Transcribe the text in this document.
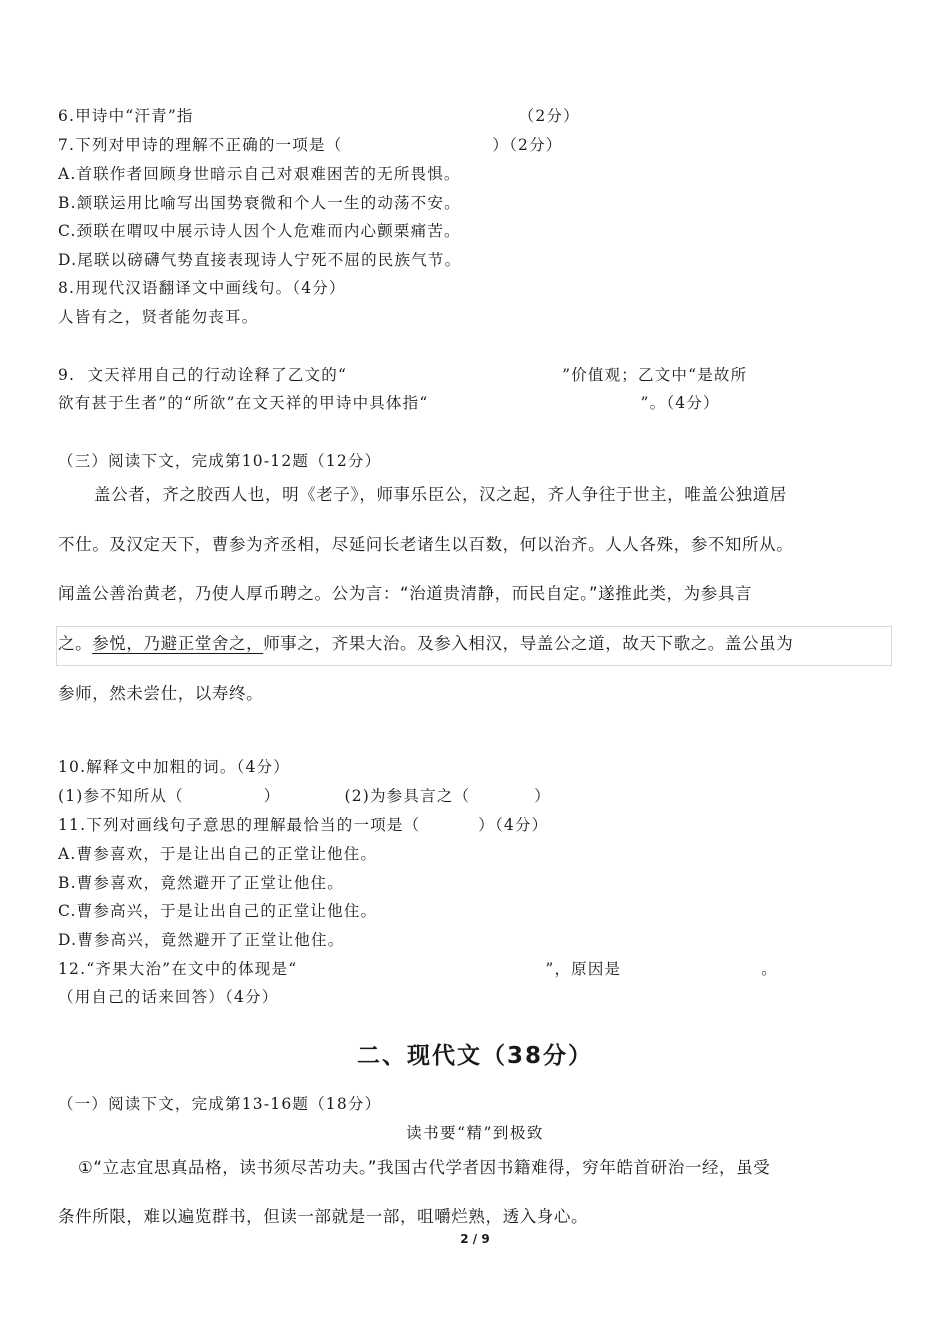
6.甲诗中“汗青”指	（2分）
7.下列对甲诗的理解不正确的一项是（	）（2分）
A.首联作者回顾身世暗示自己对艰难困苦的无所畏惧。
B.颔联运用比喻写出国势衰微和个人一生的动荡不安。
C.颈联在喟叹中展示诗人因个人危难而内心颤栗痛苦。
D.尾联以磅礴气势直接表现诗人宁死不屈的民族气节。
8.用现代汉语翻译文中画线句。（4分）
人皆有之，贤者能勿丧耳。
9.  文天祥用自己的行动诠释了乙文的“	”价值观；乙文中“是故所
欲有甚于生者”的“所欲”在文天祥的甲诗中具体指“	”。（4分）
（三）阅读下文，完成第10-12题（12分）
盖公者，齐之胶西人也，明《老子》，师事乐臣公，汉之起，齐人争往于世主，唯盖公独道居
不仕。及汉定天下，曹参为齐丞相，尽延问长老诸生以百数，何以治齐。人人各殊，参不知所从。
闻盖公善治黄老，乃使人厚币聘之。公为言：“治道贵清静，而民自定。”遂推此类，为参具言
之。参悦，乃避正堂舍之，师事之，齐果大治。及参入相汉，导盖公之道，故天下歌之。盖公虽为
参师，然未尝仕，以寿终。
10.解释文中加粗的词。（4分）
(1)参不知所从（	）	(2)为参具言之（	）
11.下列对画线句子意思的理解最恰当的一项是（	）（4分）
A.曹参喜欢，于是让出自己的正堂让他住。
B.曹参喜欢，竟然避开了正堂让他住。
C.曹参高兴，于是让出自己的正堂让他住。
D.曹参高兴，竟然避开了正堂让他住。
12.“齐果大治”在文中的体现是“	”，原因是	。
（用自己的话来回答）（4分）
二、现代文（38分）
（一）阅读下文，完成第13-16题（18分）
读书要“精”到极致
①“立志宜思真品格，读书须尽苦功夫。”我国古代学者因书籍难得，穷年皓首研治一经，虽受
条件所限，难以遍览群书，但读一部就是一部，咀嚼烂熟，透入身心。
2 / 9
